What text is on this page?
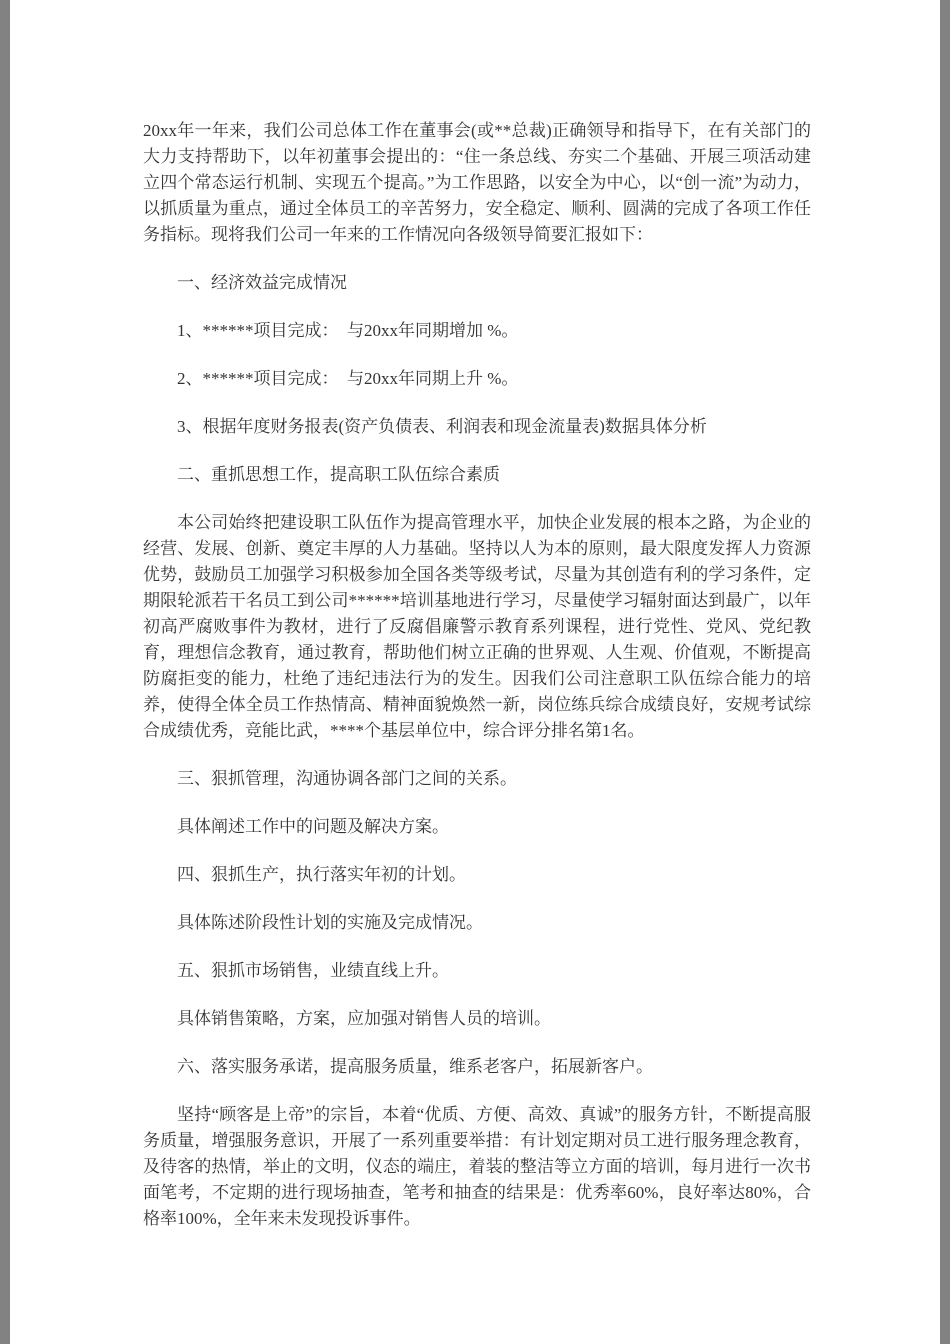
20xx年一年来，我们公司总体工作在董事会(或**总裁)正确领导和指导下，在有关部门的大力支持帮助下，以年初董事会提出的：“住一条总线、夯实二个基础、开展三项活动建立四个常态运行机制、实现五个提高。”为工作思路，以安全为中心，以“创一流”为动力，以抓质量为重点，通过全体员工的辛苦努力，安全稳定、顺利、圆满的完成了各项工作任务指标。现将我们公司一年来的工作情况向各级领导简要汇报如下：

一、经济效益完成情况

1、******项目完成：　与20xx年同期增加 %。

2、******项目完成：　与20xx年同期上升 %。

3、根据年度财务报表(资产负债表、利润表和现金流量表)数据具体分析

二、重抓思想工作，提高职工队伍综合素质

本公司始终把建设职工队伍作为提高管理水平，加快企业发展的根本之路，为企业的经营、发展、创新、奠定丰厚的人力基础。坚持以人为本的原则，最大限度发挥人力资源优势，鼓励员工加强学习积极参加全国各类等级考试，尽量为其创造有利的学习条件，定期限轮派若干名员工到公司******培训基地进行学习，尽量使学习辐射面达到最广，以年初高严腐败事件为教材，进行了反腐倡廉警示教育系列课程，进行党性、党风、党纪教育，理想信念教育，通过教育，帮助他们树立正确的世界观、人生观、价值观，不断提高防腐拒变的能力，杜绝了违纪违法行为的发生。因我们公司注意职工队伍综合能力的培养，使得全体全员工作热情高、精神面貌焕然一新，岗位练兵综合成绩良好，安规考试综合成绩优秀，竞能比武，****个基层单位中，综合评分排名第1名。

三、狠抓管理，沟通协调各部门之间的关系。

具体阐述工作中的问题及解决方案。

四、狠抓生产，执行落实年初的计划。

具体陈述阶段性计划的实施及完成情况。

五、狠抓市场销售，业绩直线上升。

具体销售策略，方案，应加强对销售人员的培训。

六、落实服务承诺，提高服务质量，维系老客户，拓展新客户。

坚持“顾客是上帝”的宗旨，本着“优质、方便、高效、真诚”的服务方针，不断提高服务质量，增强服务意识，开展了一系列重要举措：有计划定期对员工进行服务理念教育，及待客的热情，举止的文明，仪态的端庄，着装的整洁等立方面的培训，每月进行一次书面笔考，不定期的进行现场抽查，笔考和抽查的结果是：优秀率60%，良好率达80%，合格率100%，全年来未发现投诉事件。
